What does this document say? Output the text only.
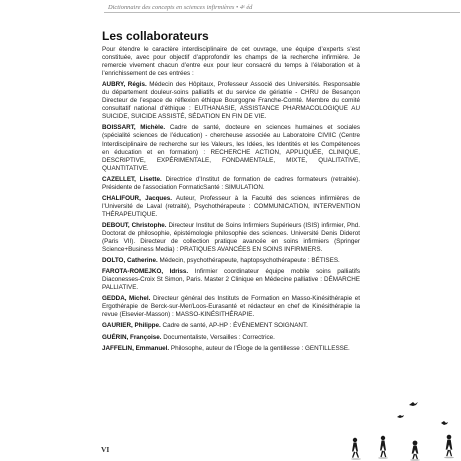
Dictionnaire des concepts en sciences infirmières • 4ᵉ éd
Les collaborateurs

Pour étendre le caractère interdisciplinaire de cet ouvrage, une équipe d’experts s’est constituée, avec pour objectif d’approfondir les champs de la recherche infirmière. Je remercie vivement chacun d’entre eux pour leur consacré du temps à l’élaboration et à l’enrichissement de ces entrées :

AUBRY, Régis. Médecin des Hôpitaux, Professeur Associé des Universités. Responsable du département douleur-soins palliatifs et du service de gériatrie - CHRU de Besançon Directeur de l’espace de réflexion éthique Bourgogne Franche-Comté. Membre du comité consultatif national d’éthique : EUTHANASIE, ASSISTANCE PHARMACOLOGIQUE AU SUICIDE, SUICIDE ASSISTÉ, SÉDATION EN FIN DE VIE.

BOISSART, Michèle. Cadre de santé, docteure en sciences humaines et sociales (spécialité sciences de l’éducation) - chercheuse associée au Laboratoire CIVIIC (Centre Interdisciplinaire de recherche sur les Valeurs, les Idées, les Identités et les Compétences en éducation et en formation) : RECHERCHE ACTION, APPLIQUÉE, CLINIQUE, DESCRIPTIVE, EXPÉRIMENTALE, FONDAMENTALE, MIXTE, QUALITATIVE, QUANTITATIVE.

CAZELLET, Lisette. Directrice d’Institut de formation de cadres formateurs (retraitée). Présidente de l’association FormaticSanté : SIMULATION.

CHALIFOUR, Jacques. Auteur, Professeur à la Faculté des sciences infirmières de l’Université de Laval (retraité), Psychothérapeute : COMMUNICATION, INTERVENTION THÉRAPEUTIQUE.

DEBOUT, Christophe. Directeur Institut de Soins Infirmiers Supérieurs (ISIS) infirmier, Phd. Doctorat de philosophie, épistémologie philosophie des sciences. Université Denis Diderot (Paris VII). Directeur de collection pratique avancée en soins infirmiers (Springer Science+Business Media) : PRATIQUES AVANCÉES EN SOINS INFIRMIERS.

DOLTO, Catherine. Médecin, psychothérapeute, haptopsychothérapeute : BÉTISES.

FAROTA-ROMEJKO, Idriss. Infirmier coordinateur équipe mobile soins palliatifs Diaconesses-Croix St Simon, Paris. Master 2 Clinique en Médecine palliative : DÉMARCHE PALLIATIVE.

GEDDA, Michel. Directeur général des Instituts de Formation en Masso-Kinésithérapie et Ergothérapie de Berck-sur-Mer/Loos-Eurasanté et rédacteur en chef de Kinésithérapie la revue (Elsevier-Masson) : MASSO-KINÉSITHÉRAPIE.

GAURIER, Philippe. Cadre de santé, AP-HP : ÉVÉNEMENT SOIGNANT.

GUÉRIN, Françoise. Documentaliste, Versailles : Correctrice.

JAFFELIN, Emmanuel. Philosophe, auteur de l’Éloge de la gentillesse : GENTILLESSE.

VI
